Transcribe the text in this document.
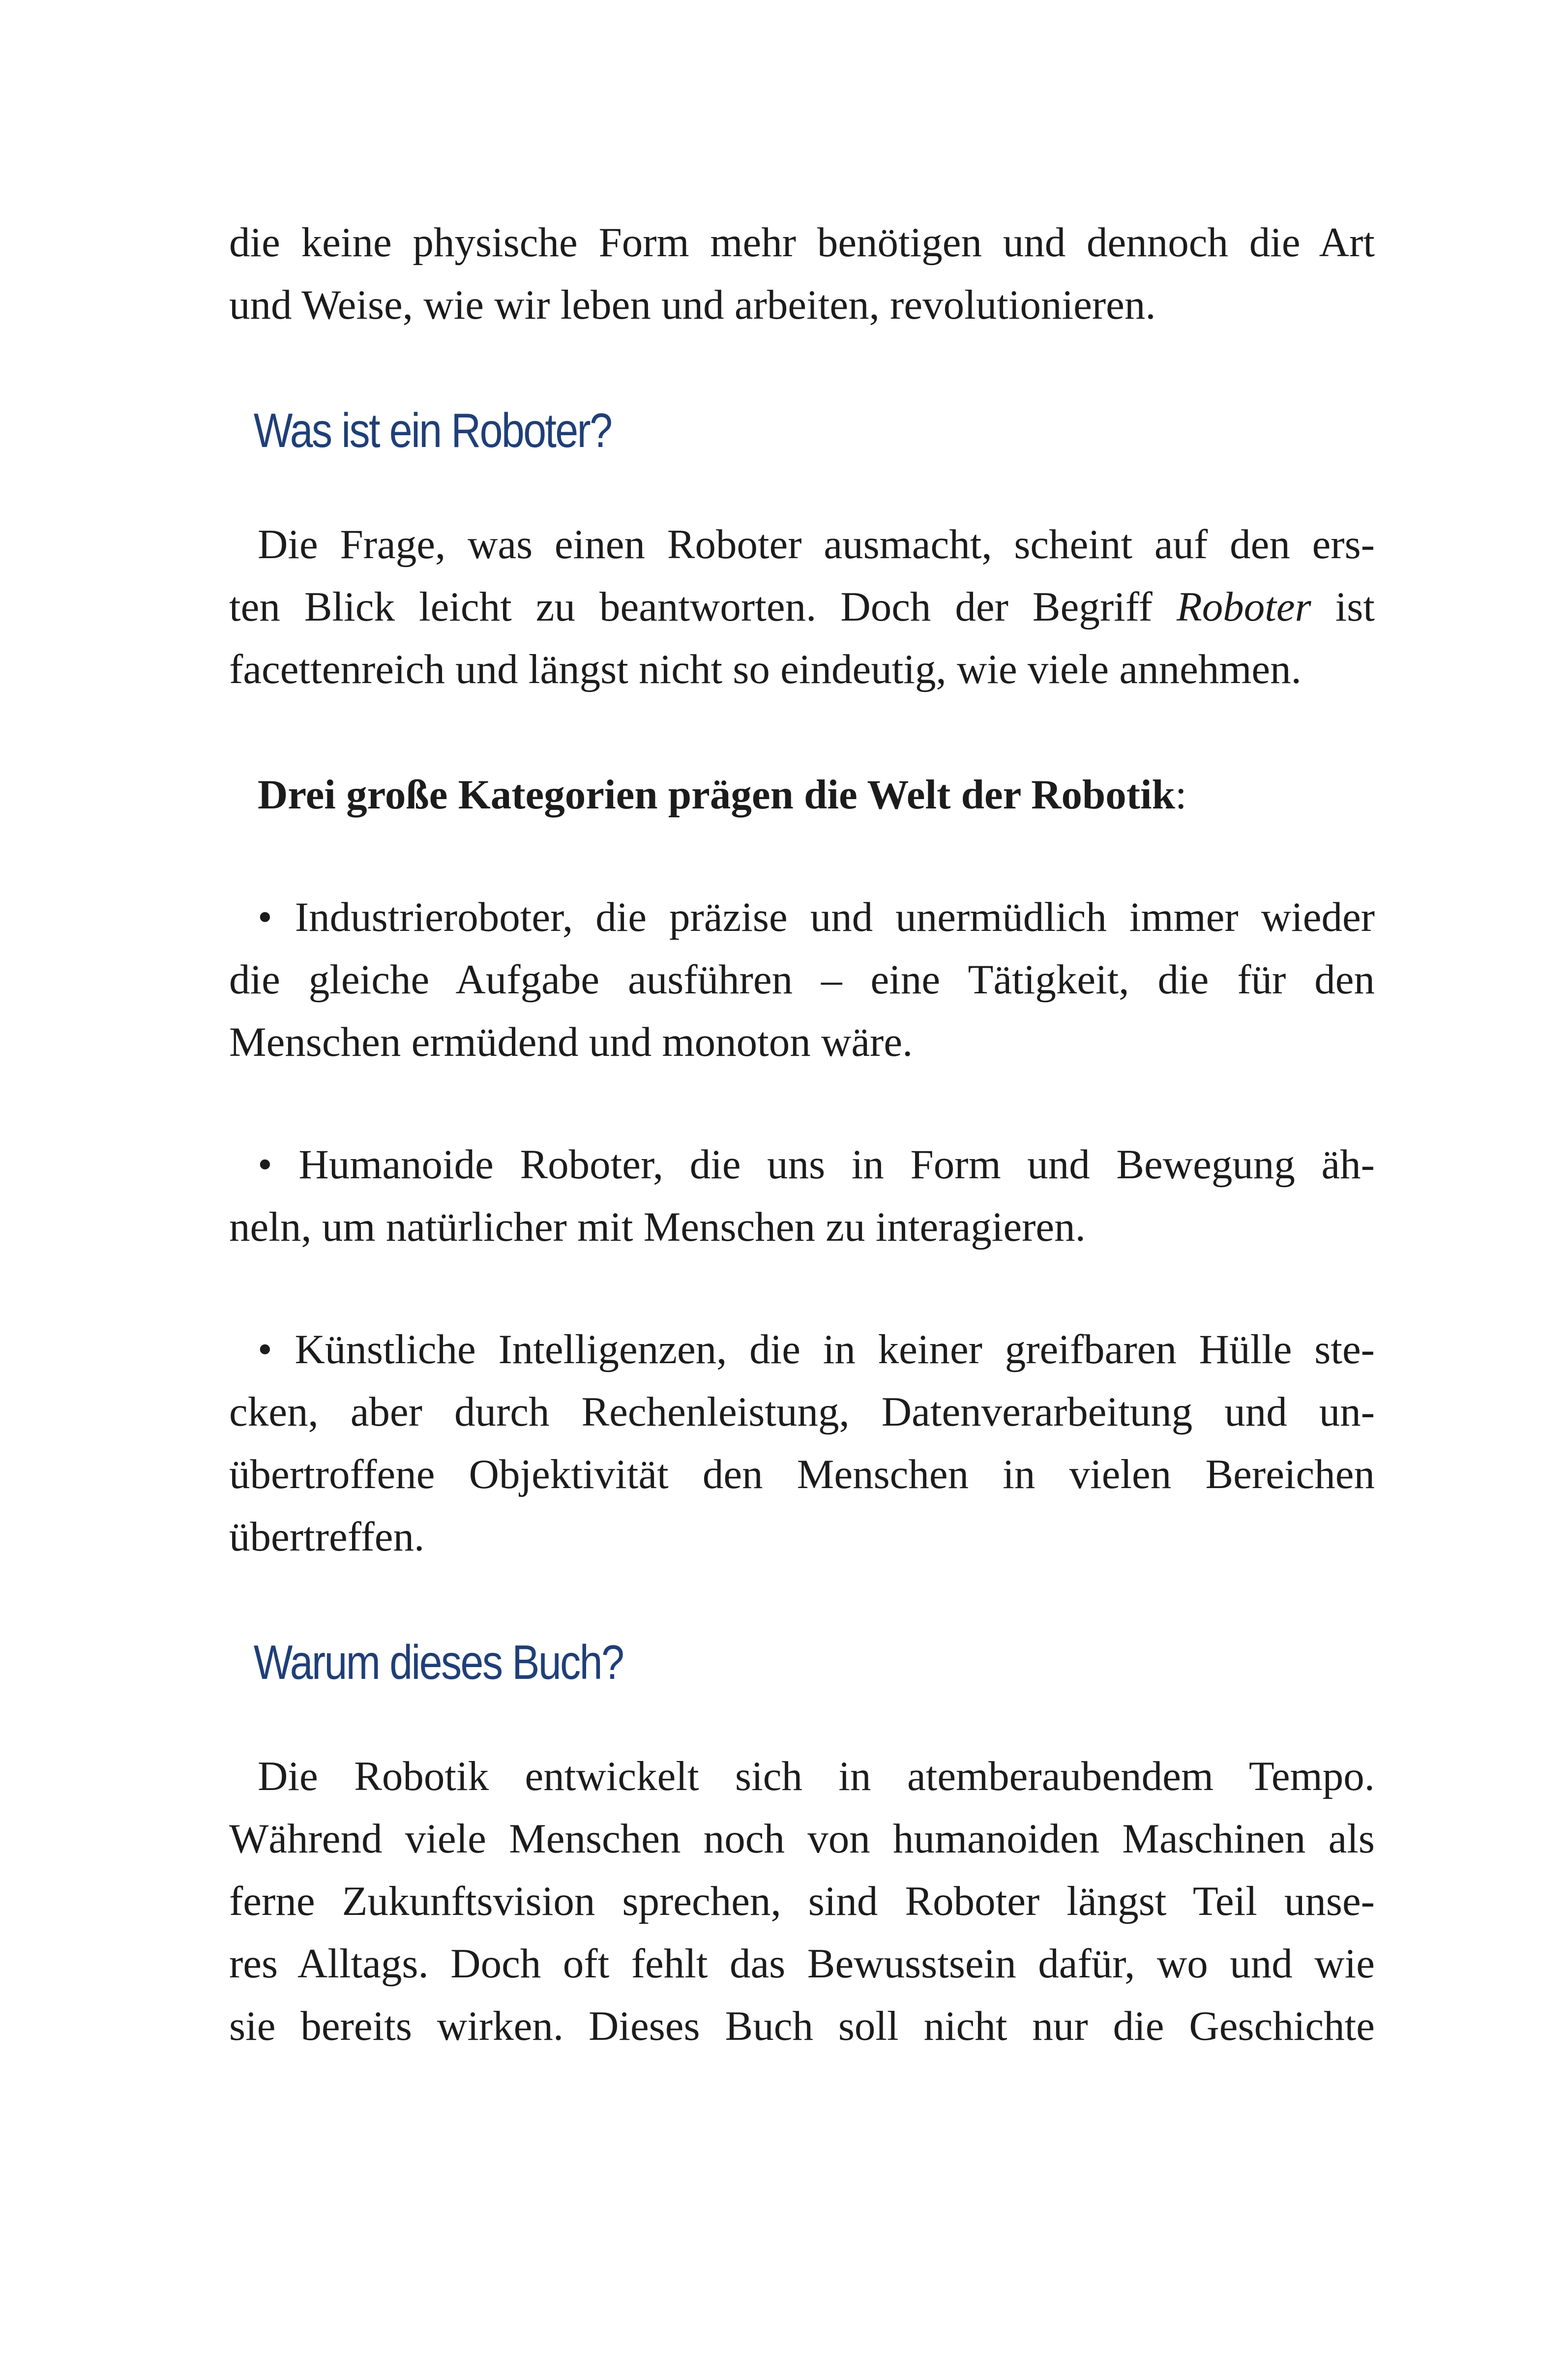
die keine physische Form mehr benötigen und dennoch die Art
und Weise, wie wir leben und arbeiten, revolutionieren.

Was ist ein Roboter?

Die Frage, was einen Roboter ausmacht, scheint auf den ers-
ten Blick leicht zu beantworten. Doch der Begriff Roboter ist
facettenreich und längst nicht so eindeutig, wie viele annehmen.

Drei große Kategorien prägen die Welt der Robotik:

• Industrieroboter, die präzise und unermüdlich immer wieder
die gleiche Aufgabe ausführen – eine Tätigkeit, die für den
Menschen ermüdend und monoton wäre.

• Humanoide Roboter, die uns in Form und Bewegung äh-
neln, um natürlicher mit Menschen zu interagieren.

• Künstliche Intelligenzen, die in keiner greifbaren Hülle ste-
cken, aber durch Rechenleistung, Datenverarbeitung und un-
übertroffene Objektivität den Menschen in vielen Bereichen
übertreffen.

Warum dieses Buch?

Die Robotik entwickelt sich in atemberaubendem Tempo.
Während viele Menschen noch von humanoiden Maschinen als
ferne Zukunftsvision sprechen, sind Roboter längst Teil unse-
res Alltags. Doch oft fehlt das Bewusstsein dafür, wo und wie
sie bereits wirken. Dieses Buch soll nicht nur die Geschichte
